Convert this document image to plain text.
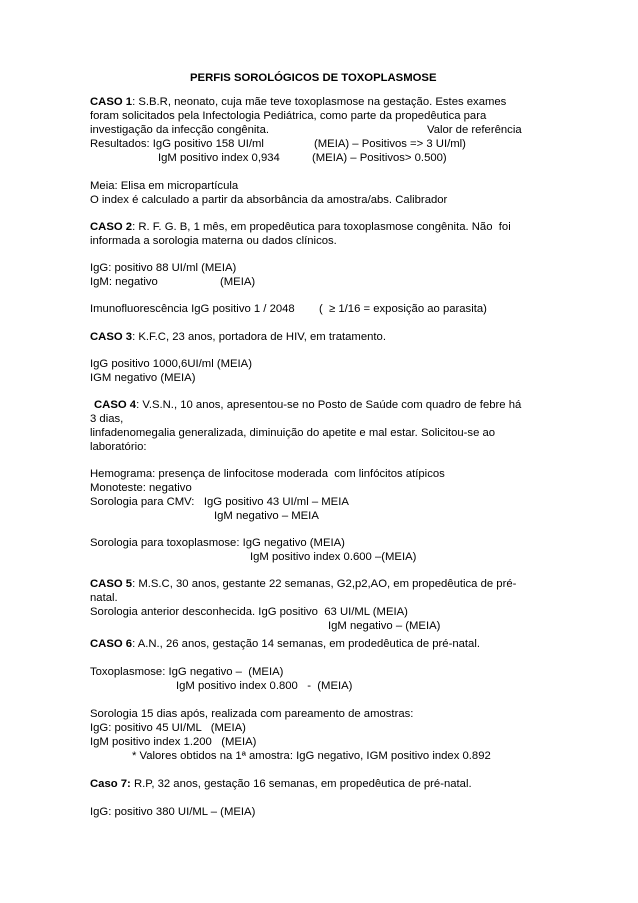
PERFIS SOROLÓGICOS DE TOXOPLASMOSE
CASO 1: S.B.R, neonato, cuja mãe teve toxoplasmose na gestação. Estes exames
foram solicitados pela Infectologia Pediátrica, como parte da propedêutica para
investigação da infecção congênita.	Valor de referência
Resultados: IgG positivo 158 UI/ml	(MEIA) – Positivos => 3 UI/ml)
IgM positivo index 0,934	(MEIA) – Positivos> 0.500)
Meia: Elisa em micropartícula
O index é calculado a partir da absorbância da amostra/abs. Calibrador
CASO 2: R. F. G. B, 1 mês, em propedêutica para toxoplasmose congênita. Não  foi
informada a sorologia materna ou dados clínicos.
IgG: positivo 88 UI/ml (MEIA)
IgM: negativo	(MEIA)
Imunofluorescência IgG positivo 1 / 2048 (  ≥ 1/16 = exposição ao parasita)
CASO 3: K.F.C, 23 anos, portadora de HIV, em tratamento.
IgG positivo 1000,6UI/ml (MEIA)
IGM negativo (MEIA)
CASO 4: V.S.N., 10 anos, apresentou-se no Posto de Saúde com quadro de febre há
3 dias,
linfadenomegalia generalizada, diminuição do apetite e mal estar. Solicitou-se ao
laboratório:
Hemograma: presença de linfocitose moderada  com linfócitos atípicos
Monoteste: negativo
Sorologia para CMV:   IgG positivo 43 UI/ml – MEIA
IgM negativo – MEIA
Sorologia para toxoplasmose: IgG negativo (MEIA)
IgM positivo index 0.600 –(MEIA)
CASO 5: M.S.C, 30 anos, gestante 22 semanas, G2,p2,AO, em propedêutica de pré-
natal.
Sorologia anterior desconhecida. IgG positivo  63 UI/ML (MEIA)
IgM negativo – (MEIA)
CASO 6: A.N., 26 anos, gestação 14 semanas, em prodedêutica de pré-natal.
Toxoplasmose: IgG negativo –  (MEIA)
IgM positivo index 0.800   -  (MEIA)
Sorologia 15 dias após, realizada com pareamento de amostras:
IgG: positivo 45 UI/ML   (MEIA)
IgM positivo index 1.200   (MEIA)
* Valores obtidos na 1ª amostra: IgG negativo, IGM positivo index 0.892
Caso 7: R.P, 32 anos, gestação 16 semanas, em propedêutica de pré-natal.
IgG: positivo 380 UI/ML – (MEIA)
